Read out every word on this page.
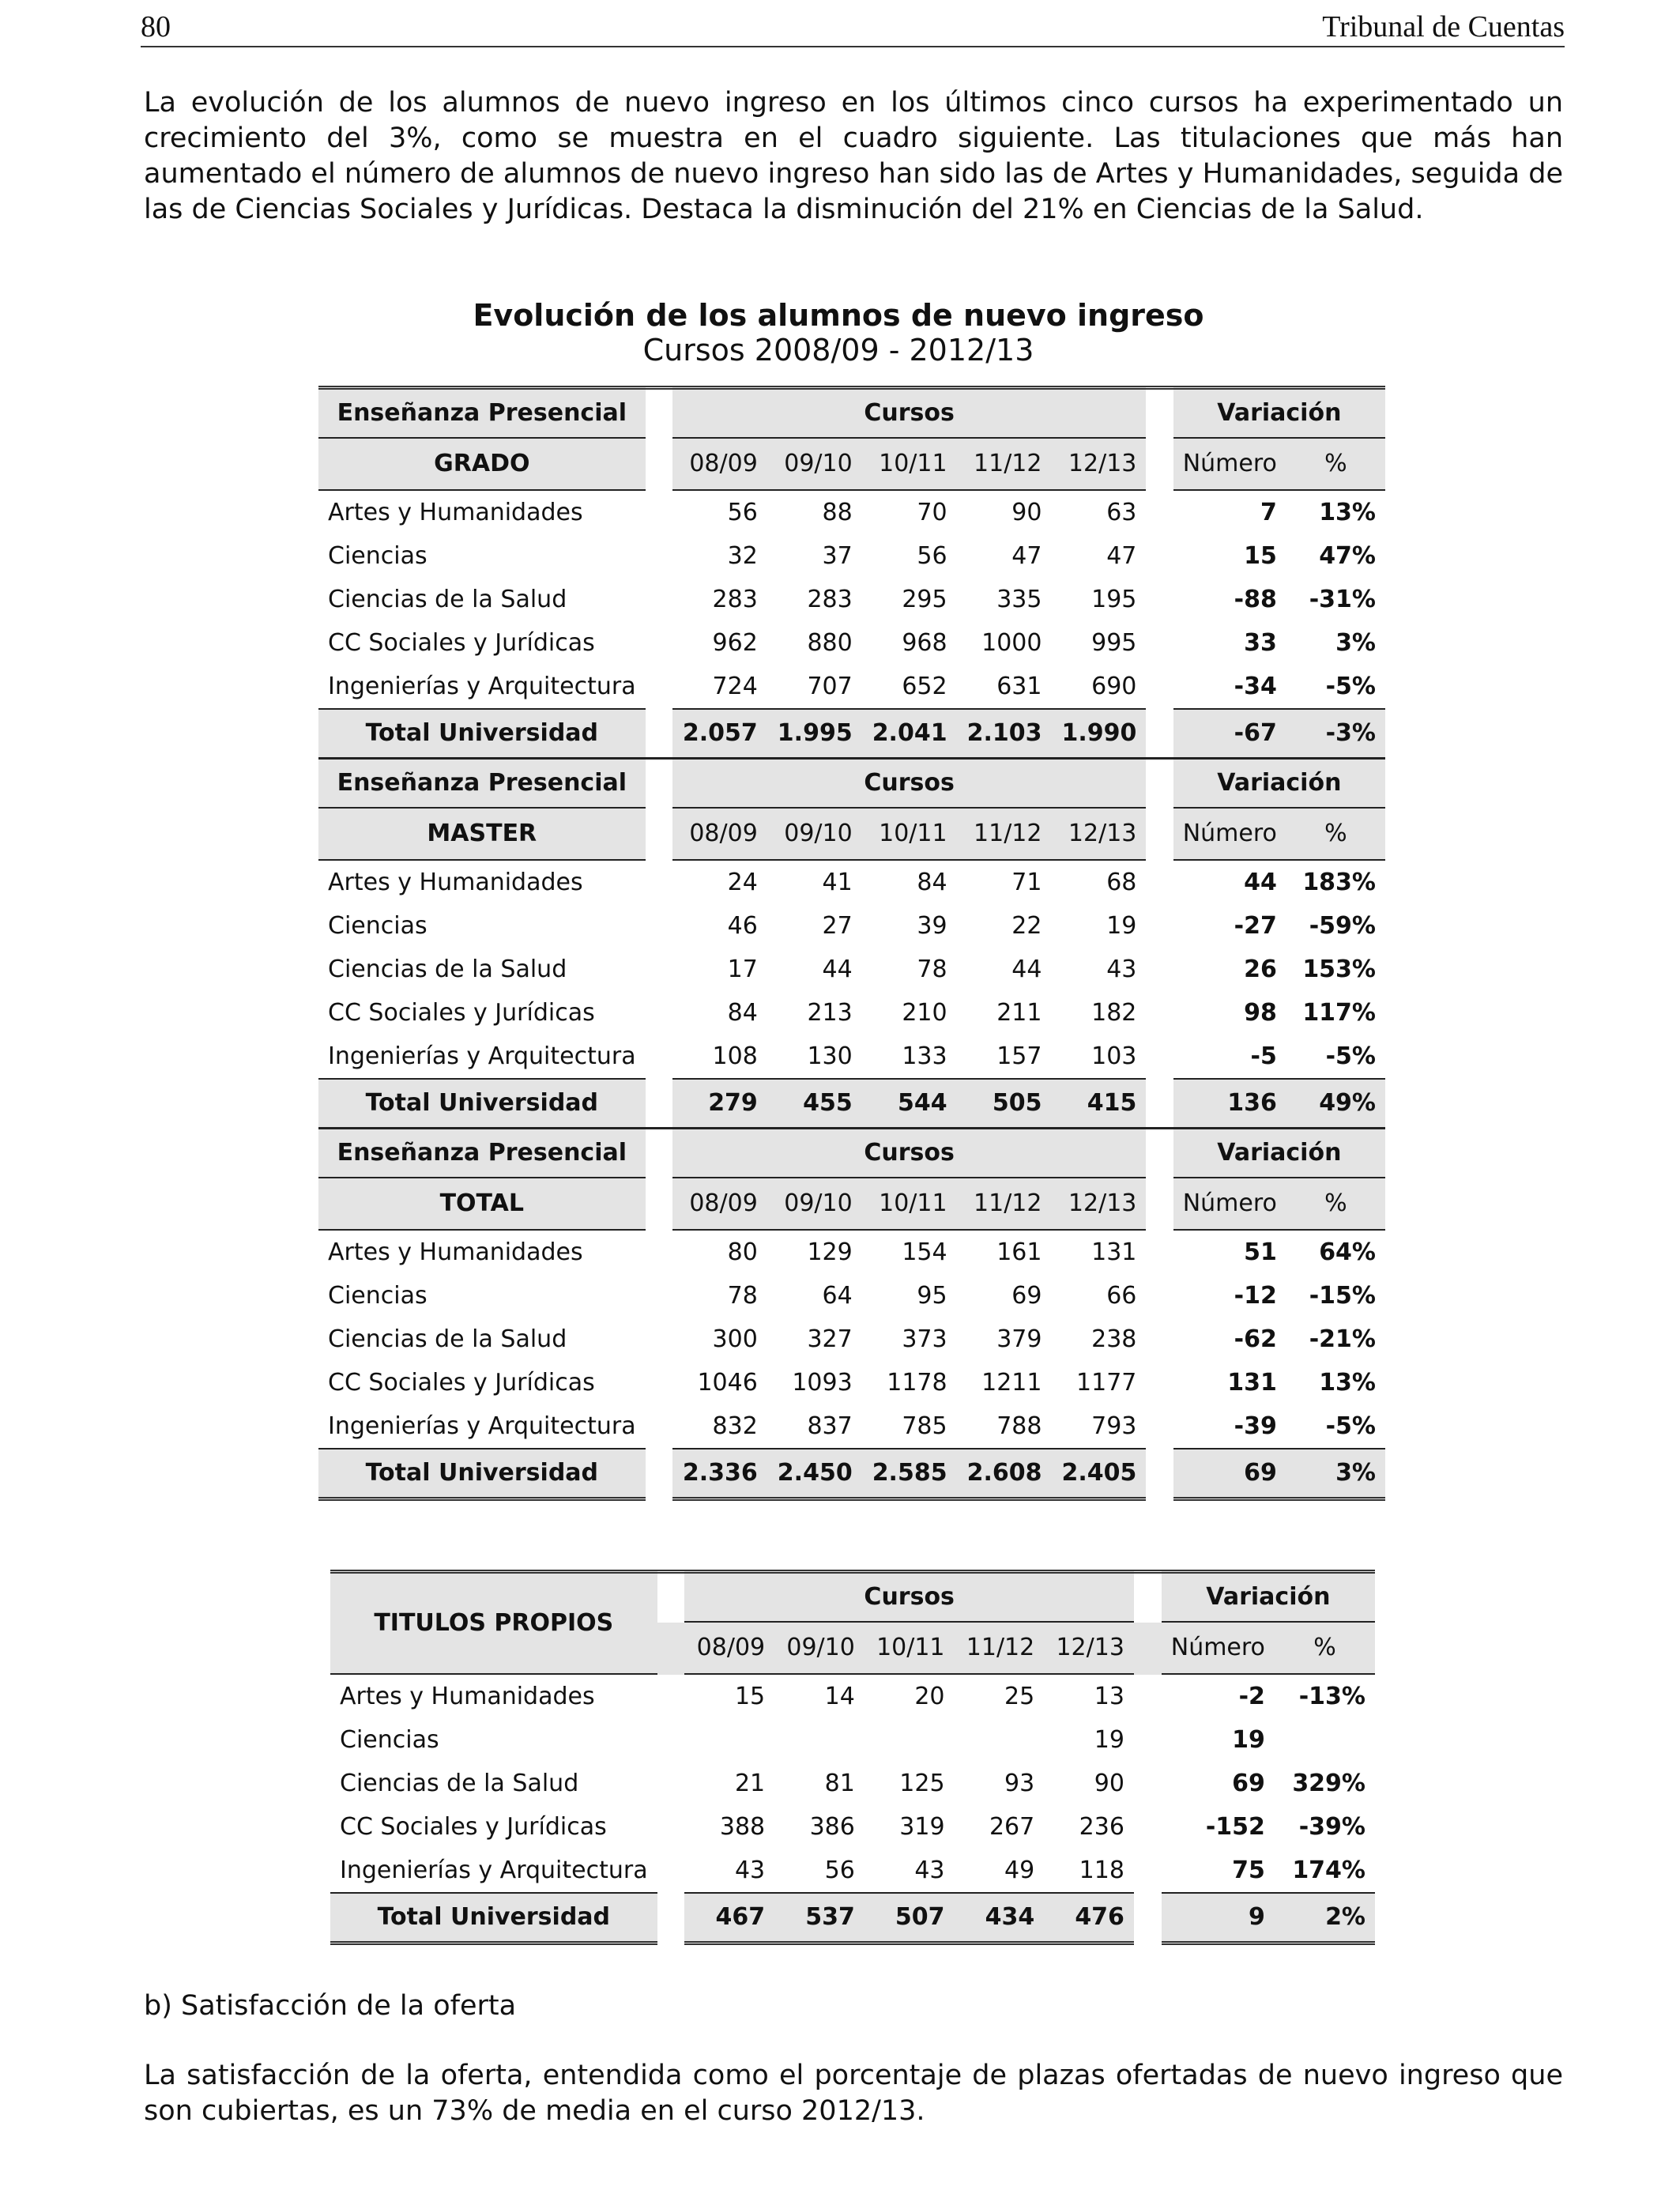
80	Tribunal de Cuentas

La evolución de los alumnos de nuevo ingreso en los últimos cinco cursos ha experimentado un crecimiento del 3%, como se muestra en el cuadro siguiente. Las titulaciones que más han aumentado el número de alumnos de nuevo ingreso han sido las de Artes y Humanidades, seguida de las de Ciencias Sociales y Jurídicas. Destaca la disminución del 21% en Ciencias de la Salud.

Evolución de los alumnos de nuevo ingreso
Cursos 2008/09 - 2012/13
Enseñanza Presencial		Cursos						Variación	
GRADO		08/09	09/10	10/11	11/12	12/13		Número	%
Artes y Humanidades		56	88	70	90	63		7	13%
Ciencias		32	37	56	47	47		15	47%
Ciencias de la Salud		283	283	295	335	195		-88	-31%
CC Sociales y Jurídicas		962	880	968	1000	995		33	3%
Ingenierías y Arquitectura		724	707	652	631	690		-34	-5%
Total Universidad		2.057	1.995	2.041	2.103	1.990		-67	-3%
Enseñanza Presencial		Cursos						Variación	
MASTER		08/09	09/10	10/11	11/12	12/13		Número	%
Artes y Humanidades		24	41	84	71	68		44	183%
Ciencias		46	27	39	22	19		-27	-59%
Ciencias de la Salud		17	44	78	44	43		26	153%
CC Sociales y Jurídicas		84	213	210	211	182		98	117%
Ingenierías y Arquitectura		108	130	133	157	103		-5	-5%
Total Universidad		279	455	544	505	415		136	49%
Enseñanza Presencial		Cursos						Variación	
TOTAL		08/09	09/10	10/11	11/12	12/13		Número	%
Artes y Humanidades		80	129	154	161	131		51	64%
Ciencias		78	64	95	69	66		-12	-15%
Ciencias de la Salud		300	327	373	379	238		-62	-21%
CC Sociales y Jurídicas		1046	1093	1178	1211	1177		131	13%
Ingenierías y Arquitectura		832	837	785	788	793		-39	-5%
Total Universidad		2.336	2.450	2.585	2.608	2.405		69	3%
TITULOS PROPIOS		Cursos						Variación	
		08/09	09/10	10/11	11/12	12/13		Número	%
Artes y Humanidades		15	14	20	25	13		-2	-13%
Ciencias						19		19	
Ciencias de la Salud		21	81	125	93	90		69	329%
CC Sociales y Jurídicas		388	386	319	267	236		-152	-39%
Ingenierías y Arquitectura		43	56	43	49	118		75	174%
Total Universidad		467	537	507	434	476		9	2%

b) Satisfacción de la oferta

La satisfacción de la oferta, entendida como el porcentaje de plazas ofertadas de nuevo ingreso que son cubiertas, es un 73% de media en el curso 2012/13.
